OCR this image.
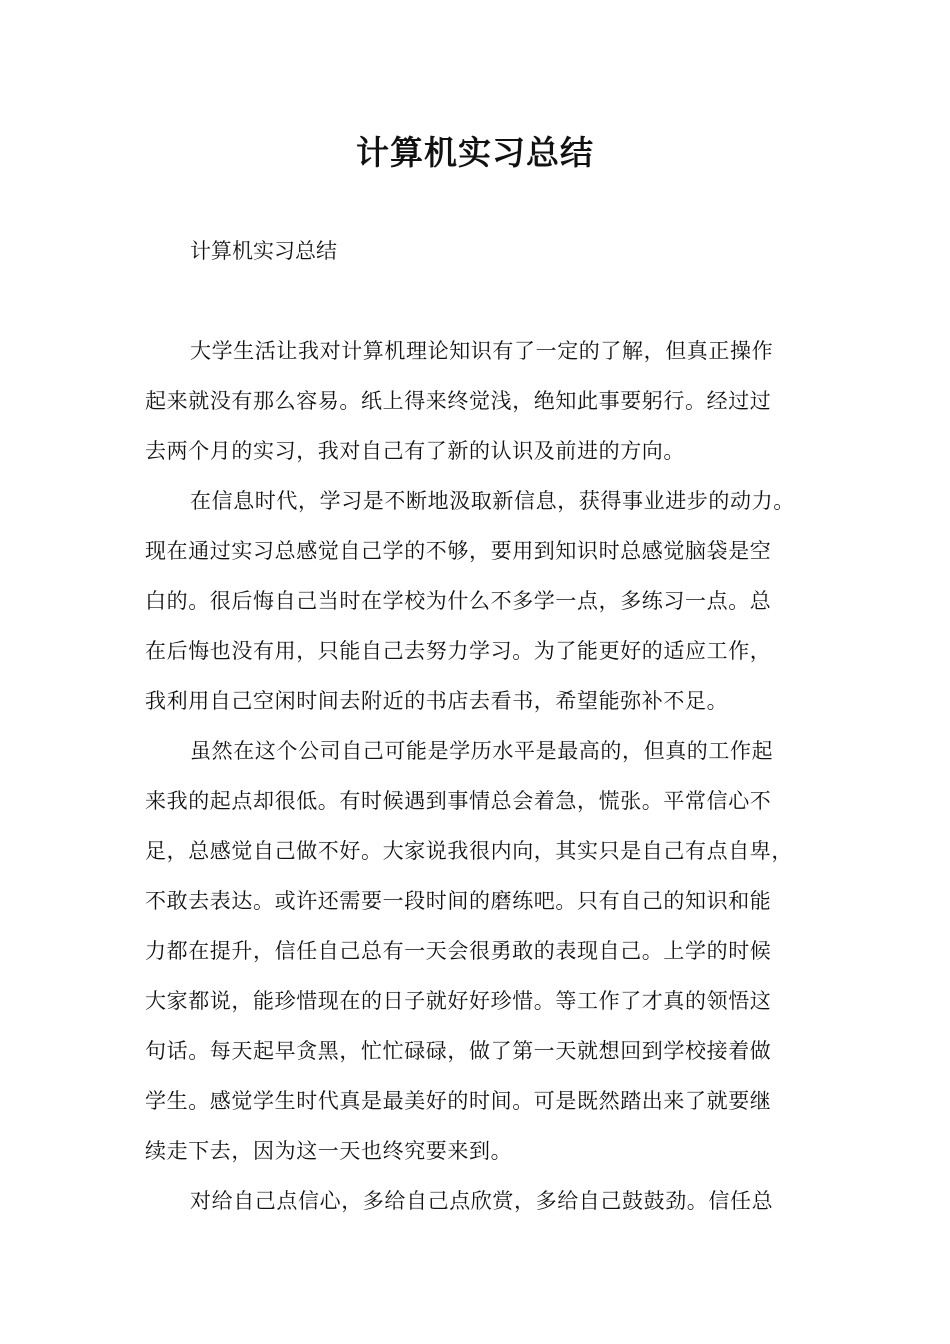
计算机实习总结

计算机实习总结

大学生活让我对计算机理论知识有了一定的了解，但真正操作
起来就没有那么容易。纸上得来终觉浅，绝知此事要躬行。经过过
去两个月的实习，我对自己有了新的认识及前进的方向。
在信息时代，学习是不断地汲取新信息，获得事业进步的动力。
现在通过实习总感觉自己学的不够，要用到知识时总感觉脑袋是空
白的。很后悔自己当时在学校为什么不多学一点，多练习一点。总
在后悔也没有用，只能自己去努力学习。为了能更好的适应工作，
我利用自己空闲时间去附近的书店去看书，希望能弥补不足。
虽然在这个公司自己可能是学历水平是最高的，但真的工作起
来我的起点却很低。有时候遇到事情总会着急，慌张。平常信心不
足，总感觉自己做不好。大家说我很内向，其实只是自己有点自卑，
不敢去表达。或许还需要一段时间的磨练吧。只有自己的知识和能
力都在提升，信任自己总有一天会很勇敢的表现自己。上学的时候
大家都说，能珍惜现在的日子就好好珍惜。等工作了才真的领悟这
句话。每天起早贪黑，忙忙碌碌，做了第一天就想回到学校接着做
学生。感觉学生时代真是最美好的时间。可是既然踏出来了就要继
续走下去，因为这一天也终究要来到。
对给自己点信心，多给自己点欣赏，多给自己鼓鼓劲。信任总
